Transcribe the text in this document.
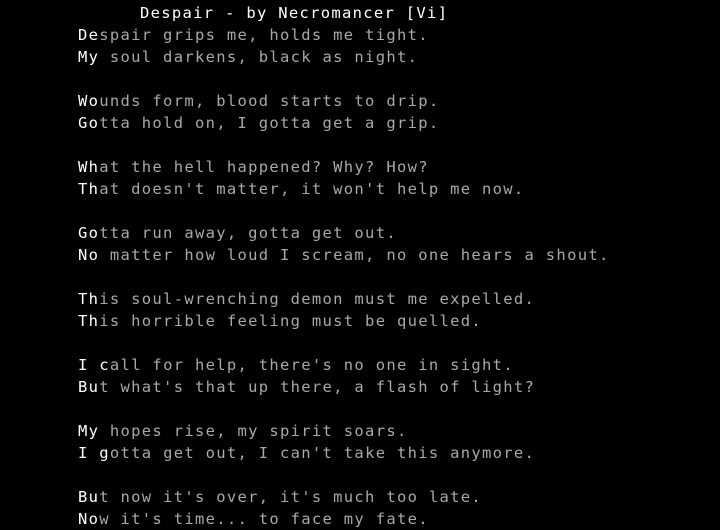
Despair - by Necromancer [Vi]
Despair grips me, holds me tight.
My soul darkens, black as night.
Wounds form, blood starts to drip.
Gotta hold on, I gotta get a grip.
What the hell happened? Why? How?
That doesn't matter, it won't help me now.
Gotta run away, gotta get out.
No matter how loud I scream, no one hears a shout.
This soul-wrenching demon must me expelled.
This horrible feeling must be quelled.
I call for help, there's no one in sight.
But what's that up there, a flash of light?
My hopes rise, my spirit soars.
I gotta get out, I can't take this anymore.
But now it's over, it's much too late.
Now it's time... to face my fate.
